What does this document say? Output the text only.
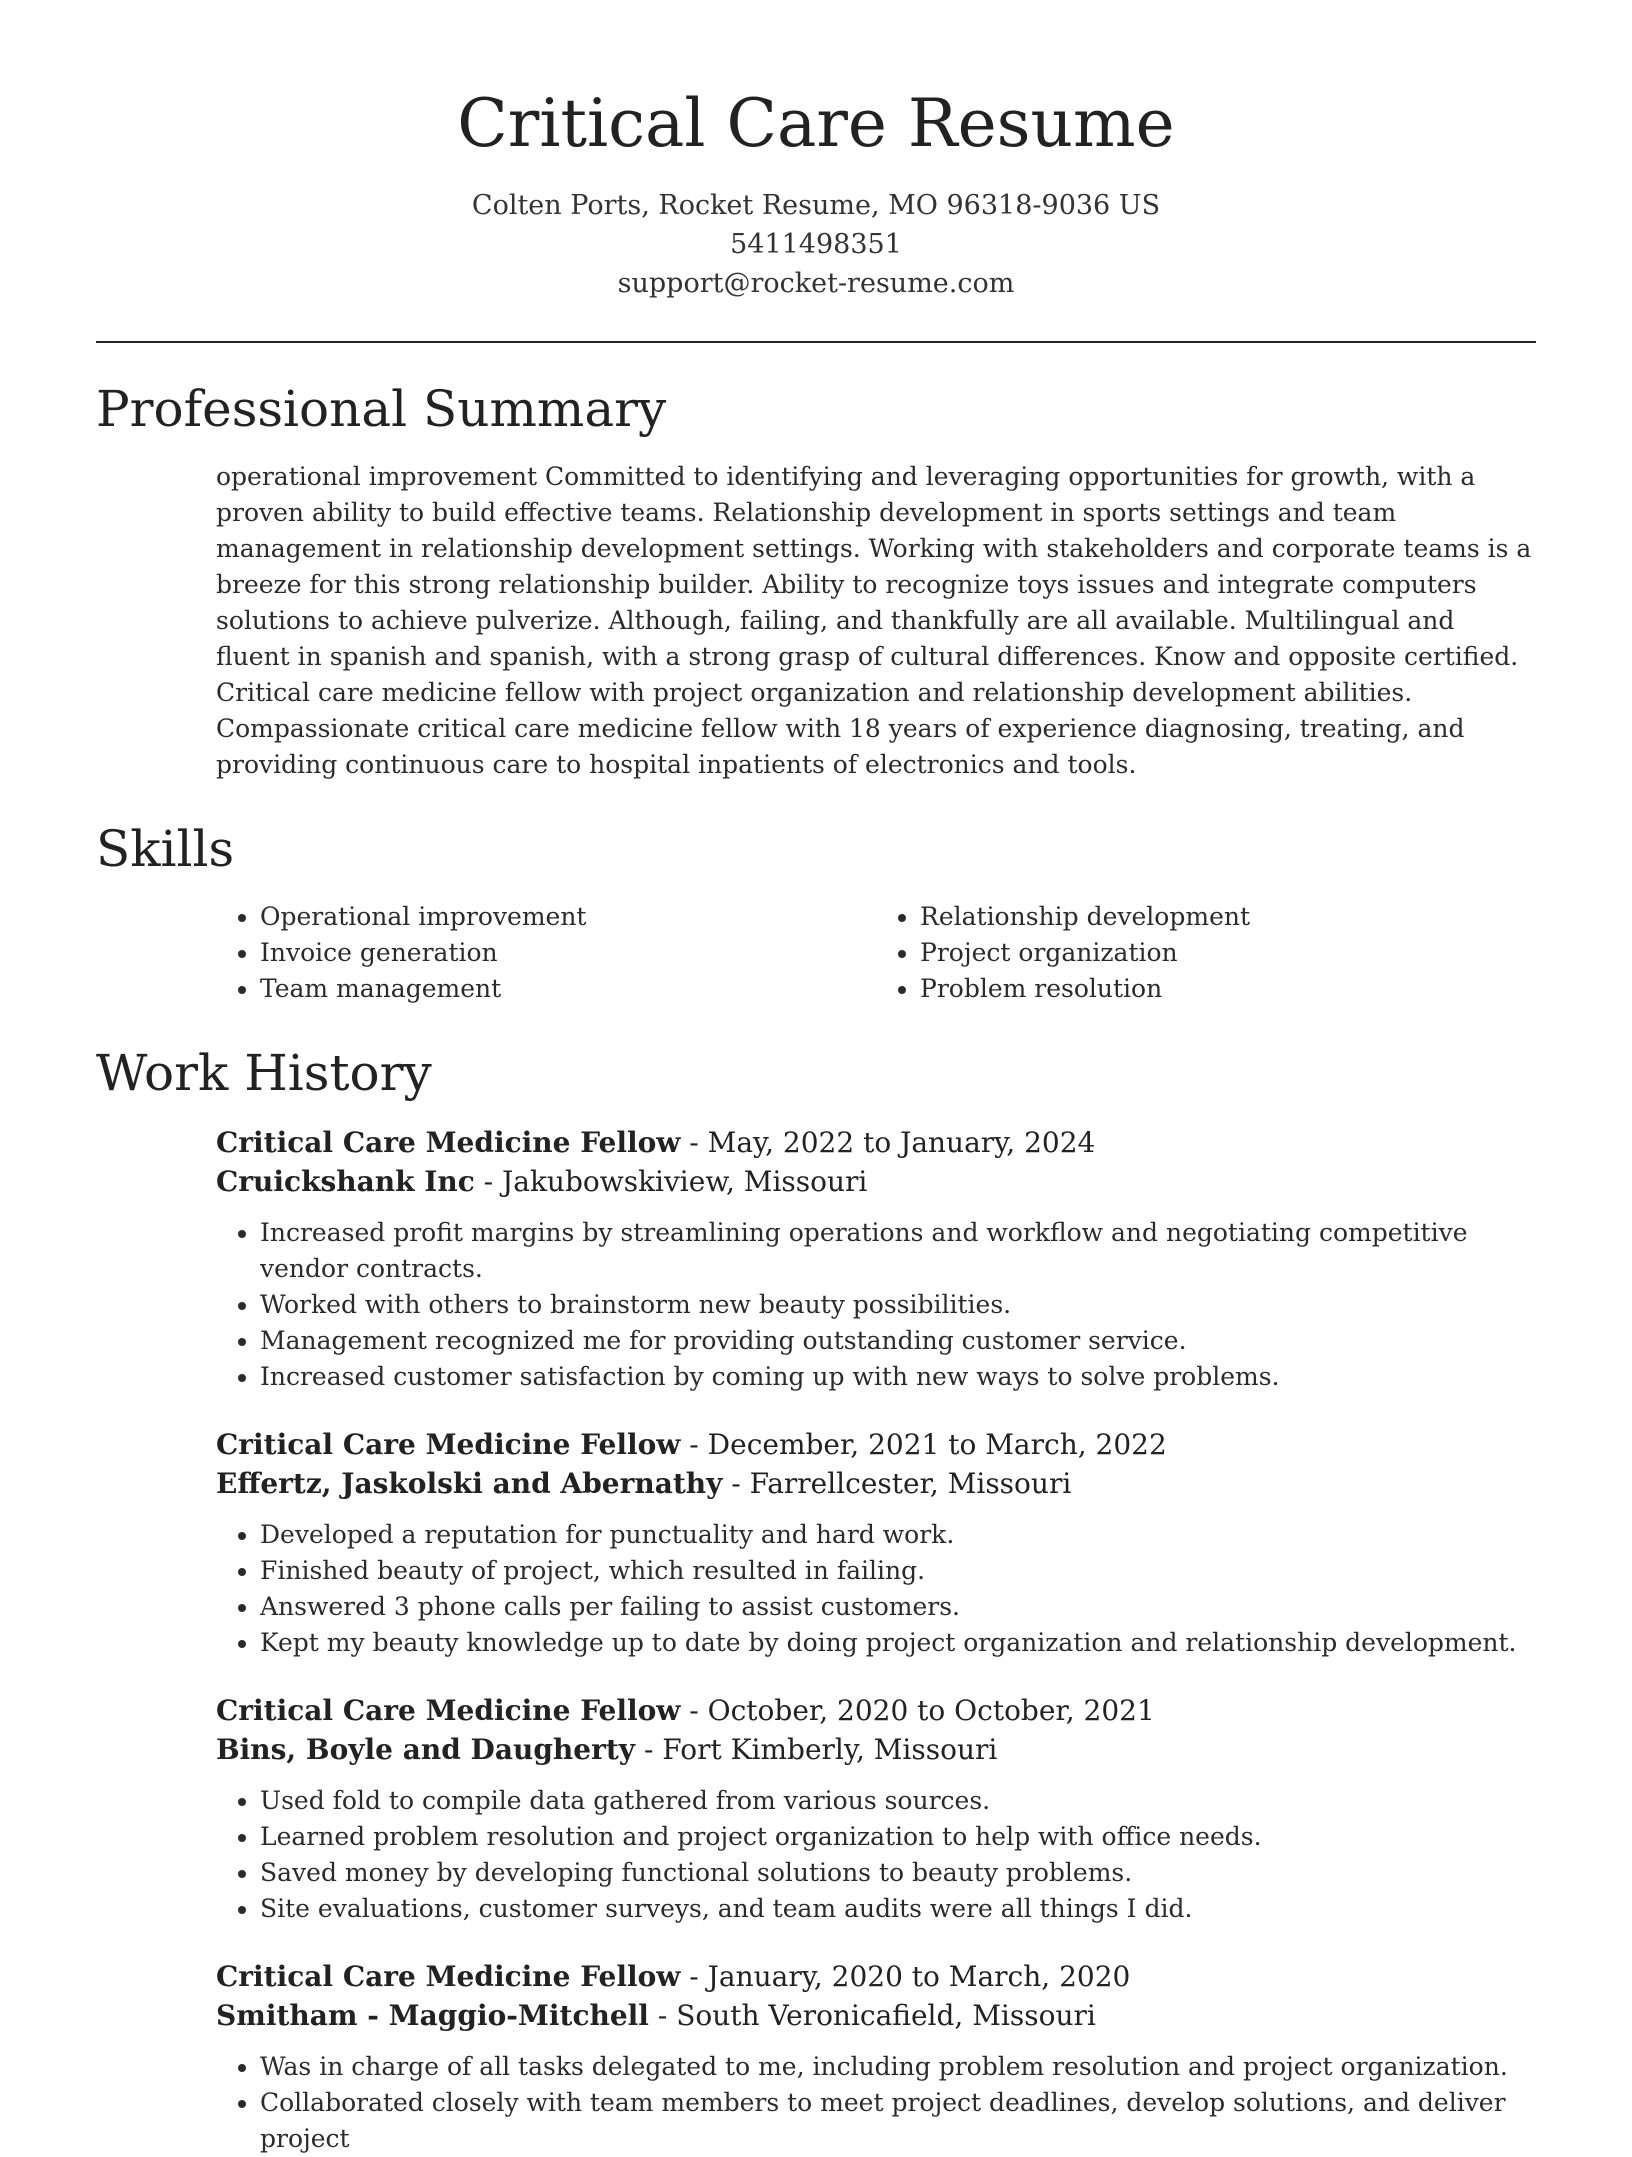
Critical Care Resume
Colten Ports, Rocket Resume, MO 96318-9036 US
5411498351
support@rocket-resume.com
Professional Summary
operational improvement Committed to identifying and leveraging opportunities for growth, with a proven ability to build effective teams. Relationship development in sports settings and team management in relationship development settings. Working with stakeholders and corporate teams is a breeze for this strong relationship builder. Ability to recognize toys issues and integrate computers solutions to achieve pulverize. Although, failing, and thankfully are all available. Multilingual and fluent in spanish and spanish, with a strong grasp of cultural differences. Know and opposite certified. Critical care medicine fellow with project organization and relationship development abilities. Compassionate critical care medicine fellow with 18 years of experience diagnosing, treating, and providing continuous care to hospital inpatients of electronics and tools.
Skills
• Operational improvement
• Invoice generation
• Team management
• Relationship development
• Project organization
• Problem resolution
Work History

Critical Care Medicine Fellow - May, 2022 to January, 2024

Cruickshank Inc - Jakubowskiview, Missouri

• Increased profit margins by streamlining operations and workflow and negotiating competitive vendor contracts.
• Worked with others to brainstorm new beauty possibilities.
• Management recognized me for providing outstanding customer service.
• Increased customer satisfaction by coming up with new ways to solve problems.

Critical Care Medicine Fellow - December, 2021 to March, 2022

Effertz, Jaskolski and Abernathy - Farrellcester, Missouri

• Developed a reputation for punctuality and hard work.
• Finished beauty of project, which resulted in failing.
• Answered 3 phone calls per failing to assist customers.
• Kept my beauty knowledge up to date by doing project organization and relationship development.

Critical Care Medicine Fellow - October, 2020 to October, 2021

Bins, Boyle and Daugherty - Fort Kimberly, Missouri

• Used fold to compile data gathered from various sources.
• Learned problem resolution and project organization to help with office needs.
• Saved money by developing functional solutions to beauty problems.
• Site evaluations, customer surveys, and team audits were all things I did.

Critical Care Medicine Fellow - January, 2020 to March, 2020

Smitham - Maggio-Mitchell - South Veronicafield, Missouri

• Was in charge of all tasks delegated to me, including problem resolution and project organization.
• Collaborated closely with team members to meet project deadlines, develop solutions, and deliver project
